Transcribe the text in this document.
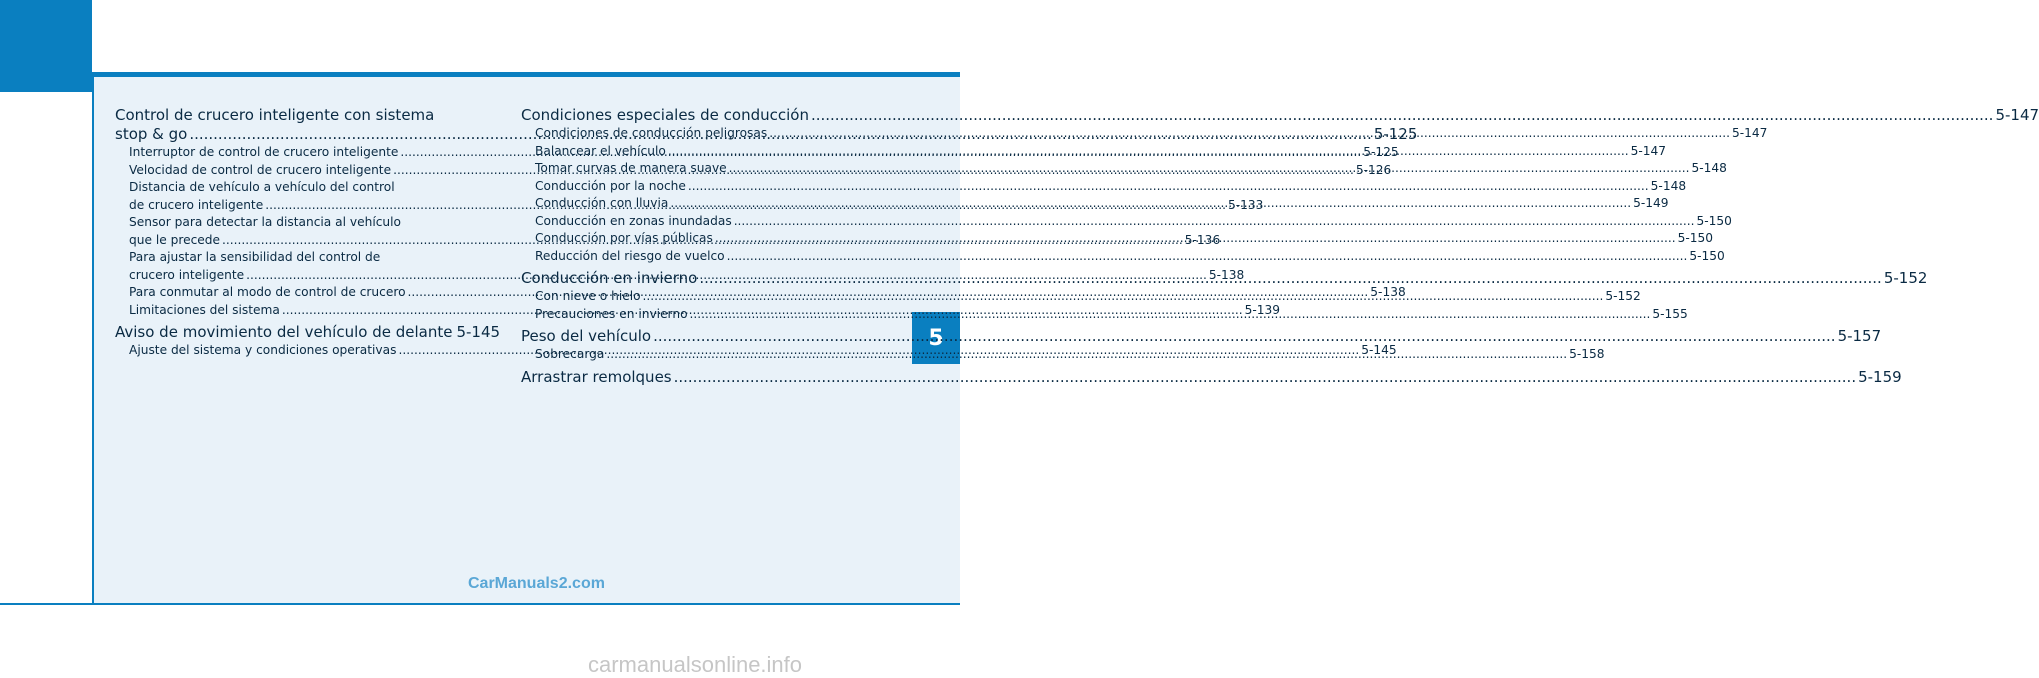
5
Control de crucero inteligente con sistema
stop & go .....	5-125
Interruptor de control de crucero inteligente .....	5-125
Velocidad de control de crucero inteligente .....	5-126
Distancia de vehículo a vehículo del control
de crucero inteligente .....	5-133
Sensor para detectar la distancia al vehículo
que le precede .....	5-136
Para ajustar la sensibilidad del control de
crucero inteligente .....	5-138
Para conmutar al modo de control de crucero .....	5-138
Limitaciones del sistema .....	5-139
Aviso de movimiento del vehículo de delante 5-145
Ajuste del sistema y condiciones operativas .....	5-145
Condiciones especiales de conducción .....	5-147
Condiciones de conducción peligrosas .....	5-147
Balancear el vehículo .....	5-147
Tomar curvas de manera suave .....	5-148
Conducción por la noche .....	5-148
Conducción con lluvia .....	5-149
Conducción en zonas inundadas .....	5-150
Conducción por vías públicas .....	5-150
Reducción del riesgo de vuelco .....	5-150
Conducción en invierno .....	5-152
Con nieve o hielo .....	5-152
Precauciones en invierno .....	5-155
Peso del vehículo .....	5-157
Sobrecarga .....	5-158
Arrastrar remolques .....	5-159
CarManuals2.com
carmanualsonline.info
